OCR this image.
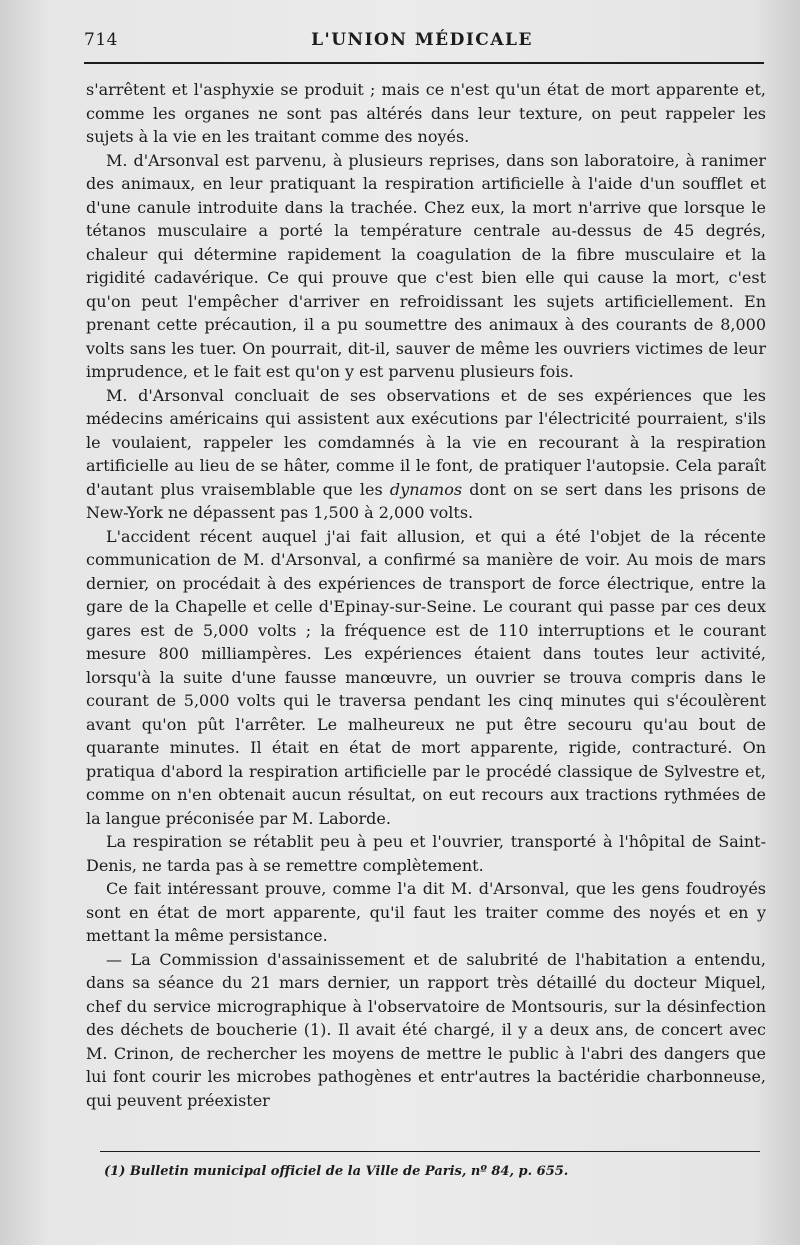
714	L'UNION MÉDICALE

s'arrêtent et l'asphyxie se produit ; mais ce n'est qu'un état de mort apparente et, comme les organes ne sont pas altérés dans leur texture, on peut rappeler les sujets à la vie en les traitant comme des noyés.

M. d'Arsonval est parvenu, à plusieurs reprises, dans son laboratoire, à ranimer des animaux, en leur pratiquant la respiration artificielle à l'aide d'un soufflet et d'une canule introduite dans la trachée. Chez eux, la mort n'arrive que lorsque le tétanos musculaire a porté la température centrale au-dessus de 45 degrés, chaleur qui détermine rapidement la coagulation de la fibre musculaire et la rigidité cadavérique. Ce qui prouve que c'est bien elle qui cause la mort, c'est qu'on peut l'empêcher d'arriver en refroidissant les sujets artificiellement. En prenant cette précaution, il a pu soumettre des animaux à des courants de 8,000 volts sans les tuer. On pourrait, dit-il, sauver de même les ouvriers victimes de leur imprudence, et le fait est qu'on y est parvenu plusieurs fois.

M. d'Arsonval concluait de ses observations et de ses expériences que les médecins américains qui assistent aux exécutions par l'électricité pourraient, s'ils le voulaient, rappeler les comdamnés à la vie en recourant à la respiration artificielle au lieu de se hâter, comme il le font, de pratiquer l'autopsie. Cela paraît d'autant plus vraisemblable que les dynamos dont on se sert dans les prisons de New-York ne dépassent pas 1,500 à 2,000 volts.

L'accident récent auquel j'ai fait allusion, et qui a été l'objet de la récente communication de M. d'Arsonval, a confirmé sa manière de voir. Au mois de mars dernier, on procédait à des expériences de transport de force électrique, entre la gare de la Chapelle et celle d'Epinay-sur-Seine. Le courant qui passe par ces deux gares est de 5,000 volts ; la fréquence est de 110 interruptions et le courant mesure 800 milliampères. Les expériences étaient dans toutes leur activité, lorsqu'à la suite d'une fausse manœuvre, un ouvrier se trouva compris dans le courant de 5,000 volts qui le traversa pendant les cinq minutes qui s'écoulèrent avant qu'on pût l'arrêter. Le malheureux ne put être secouru qu'au bout de quarante minutes. Il était en état de mort apparente, rigide, contracturé. On pratiqua d'abord la respiration artificielle par le procédé classique de Sylvestre et, comme on n'en obtenait aucun résultat, on eut recours aux tractions rythmées de la langue préconisée par M. Laborde.

La respiration se rétablit peu à peu et l'ouvrier, transporté à l'hôpital de Saint-Denis, ne tarda pas à se remettre complètement.

Ce fait intéressant prouve, comme l'a dit M. d'Arsonval, que les gens foudroyés sont en état de mort apparente, qu'il faut les traiter comme des noyés et en y mettant la même persistance.

— La Commission d'assainissement et de salubrité de l'habitation a entendu, dans sa séance du 21 mars dernier, un rapport très détaillé du docteur Miquel, chef du service micrographique à l'observatoire de Montsouris, sur la désinfection des déchets de boucherie (1). Il avait été chargé, il y a deux ans, de concert avec M. Crinon, de rechercher les moyens de mettre le public à l'abri des dangers que lui font courir les microbes pathogènes et entr'autres la bactéridie charbonneuse, qui peuvent préexister

(1) Bulletin municipal officiel de la Ville de Paris, nº 84, p. 655.
